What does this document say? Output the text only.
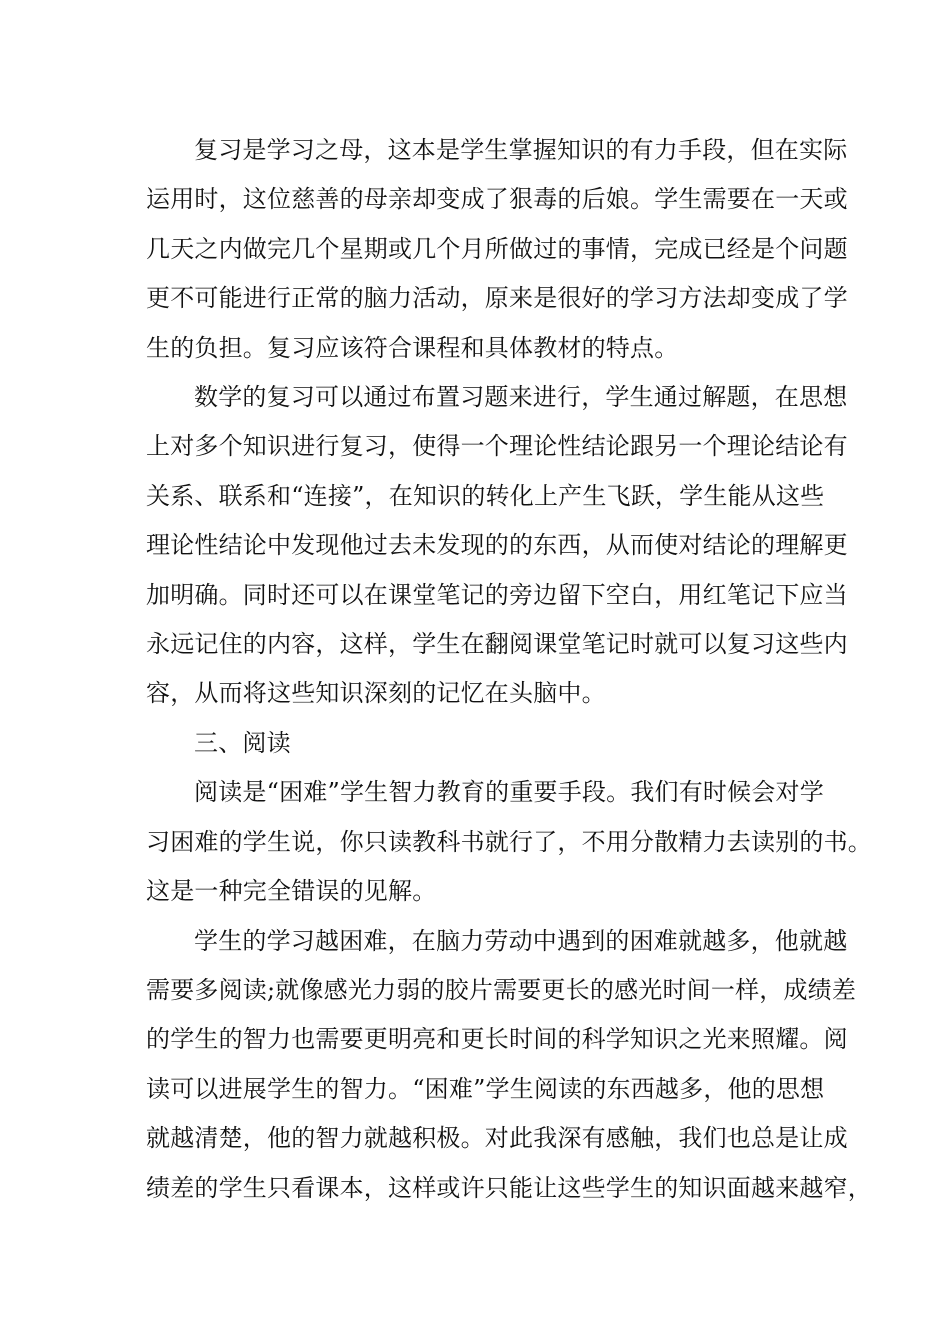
复习是学习之母，这本是学生掌握知识的有力手段，但在实际
运用时，这位慈善的母亲却变成了狠毒的后娘。学生需要在一天或
几天之内做完几个星期或几个月所做过的事情，完成已经是个问题
更不可能进行正常的脑力活动，原来是很好的学习方法却变成了学
生的负担。复习应该符合课程和具体教材的特点。
数学的复习可以通过布置习题来进行，学生通过解题，在思想
上对多个知识进行复习，使得一个理论性结论跟另一个理论结论有
关系、联系和“连接”，在知识的转化上产生飞跃，学生能从这些
理论性结论中发现他过去未发现的的东西，从而使对结论的理解更
加明确。同时还可以在课堂笔记的旁边留下空白，用红笔记下应当
永远记住的内容，这样，学生在翻阅课堂笔记时就可以复习这些内
容，从而将这些知识深刻的记忆在头脑中。
三、阅读
阅读是“困难”学生智力教育的重要手段。我们有时候会对学
习困难的学生说，你只读教科书就行了，不用分散精力去读别的书。
这是一种完全错误的见解。
学生的学习越困难，在脑力劳动中遇到的困难就越多，他就越
需要多阅读;就像感光力弱的胶片需要更长的感光时间一样，成绩差
的学生的智力也需要更明亮和更长时间的科学知识之光来照耀。阅
读可以进展学生的智力。“困难”学生阅读的东西越多，他的思想
就越清楚，他的智力就越积极。对此我深有感触，我们也总是让成
绩差的学生只看课本，这样或许只能让这些学生的知识面越来越窄，
